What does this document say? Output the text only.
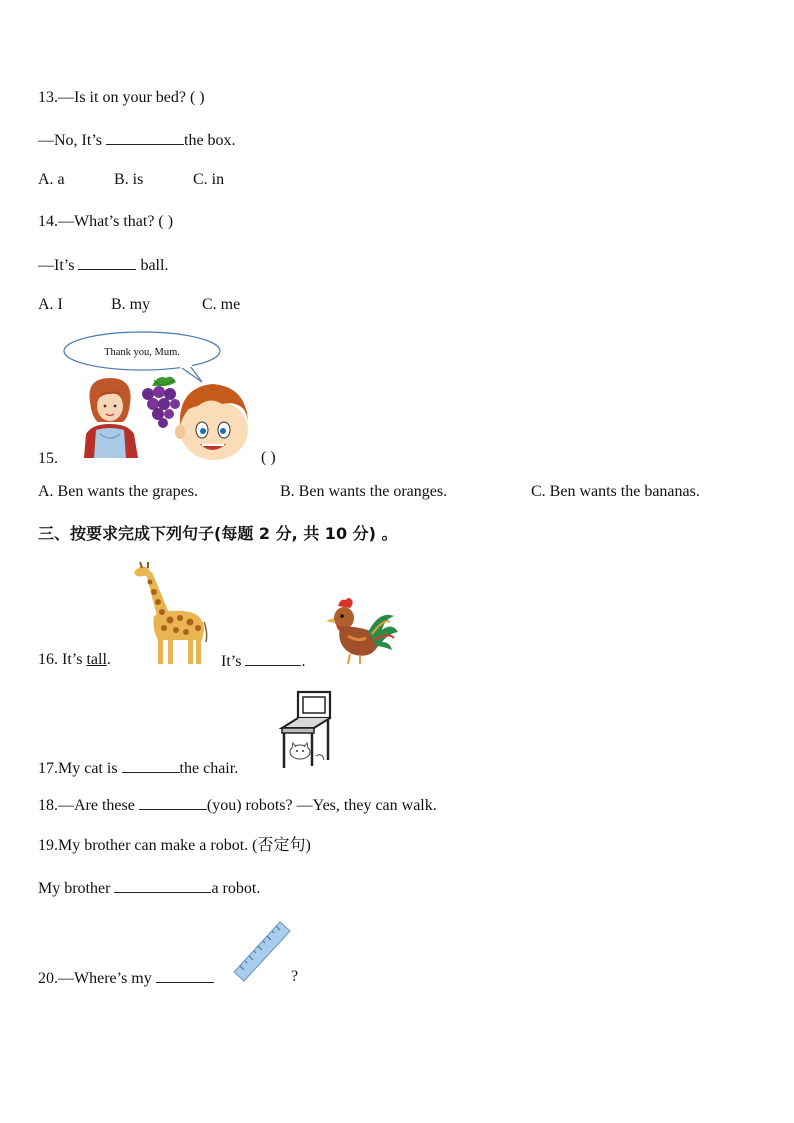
13.—Is it on your bed? ( )
—No, It’s	the box.
A. a	B. is	C. in
14.—What’s that? ( )
—It’s	ball.
A. I	B. my	C. me
Thank you, Mum.
15.	( )
A. Ben wants the grapes.	B. Ben wants the oranges.	C. Ben wants the bananas.
三、按要求完成下列句子(每题 2 分, 共 10 分) 。
16. It’s tall.	It’s	.
17.My cat is	the chair.
18.—Are these	(you) robots? —Yes, they can walk.
19.My brother can make a robot. (否定句)
My brother	a robot.
20.—Where’s my	?
